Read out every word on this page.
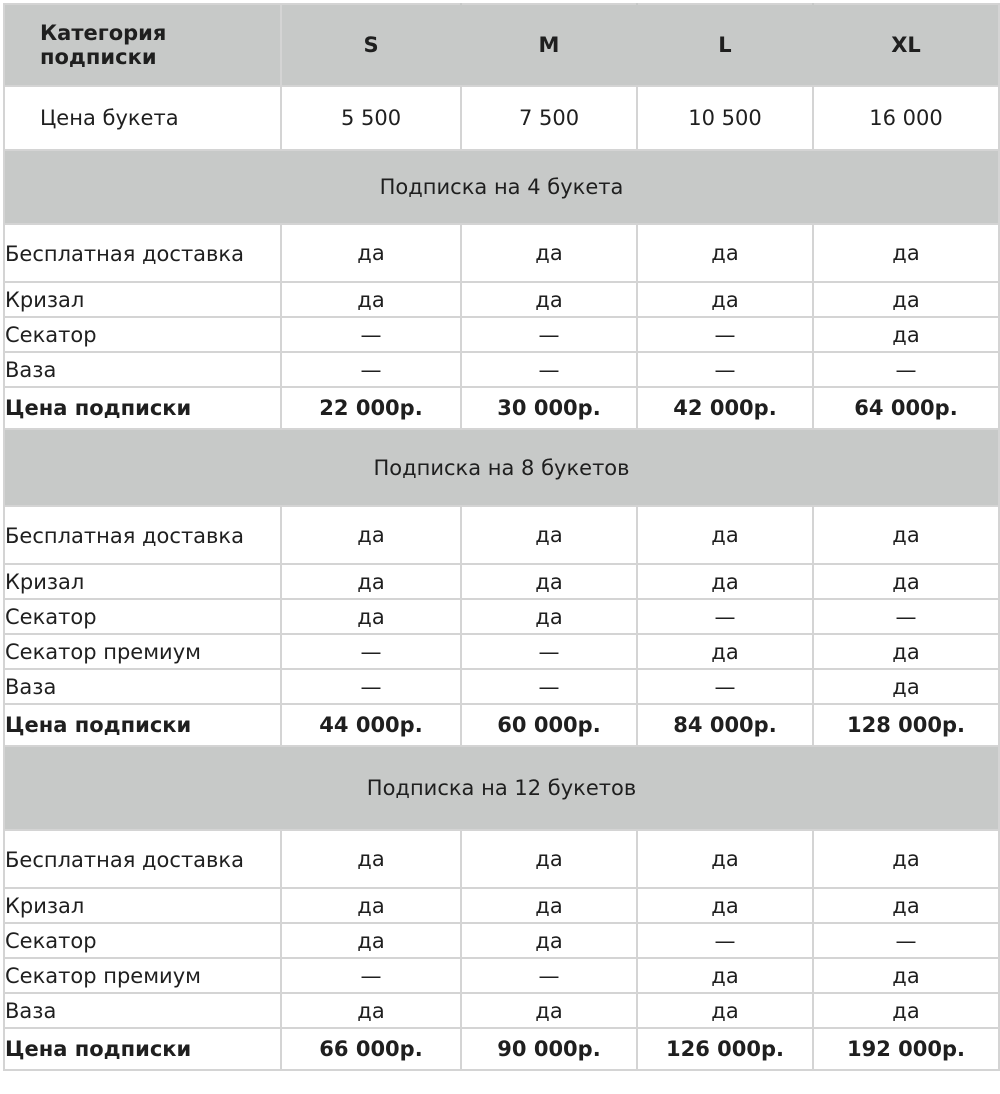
Категория подписки	S	M	L	XL
Цена букета	5 500	7 500	10 500	16 000
Подписка на 4 букета				
Бесплатная доставка	да	да	да	да
Кризал	да	да	да	да
Секатор	—	—	—	да
Ваза	—	—	—	—
Цена подписки	22 000р.	30 000р.	42 000р.	64 000р.
Подписка на 8 букетов				
Бесплатная доставка	да	да	да	да
Кризал	да	да	да	да
Секатор	да	да	—	—
Секатор премиум	—	—	да	да
Ваза	—	—	—	да
Цена подписки	44 000р.	60 000р.	84 000р.	128 000р.
Подписка на 12 букетов				
Бесплатная доставка	да	да	да	да
Кризал	да	да	да	да
Секатор	да	да	—	—
Секатор премиум	—	—	да	да
Ваза	да	да	да	да
Цена подписки	66 000р.	90 000р.	126 000р.	192 000р.
